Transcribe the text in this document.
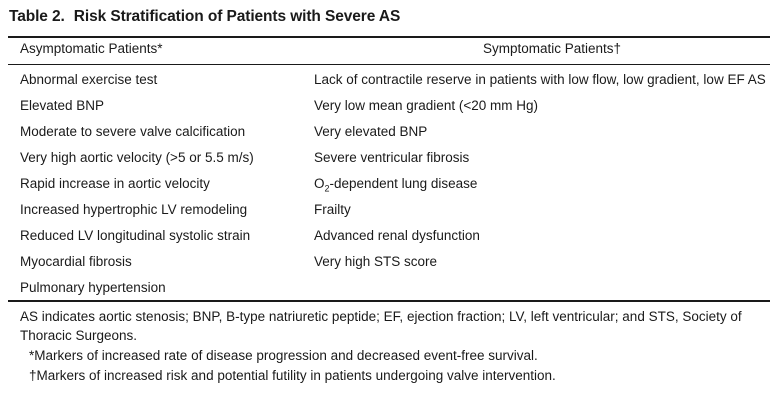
Table 2. Risk Stratification of Patients with Severe AS
Asymptomatic Patients*	Symptomatic Patients†
Abnormal exercise test	Lack of contractile reserve in patients with low flow, low gradient, low EF AS
Elevated BNP	Very low mean gradient (<20 mm Hg)
Moderate to severe valve calcification	Very elevated BNP
Very high aortic velocity (>5 or 5.5 m/s)	Severe ventricular fibrosis
Rapid increase in aortic velocity	$O_2$-dependent lung disease
Increased hypertrophic LV remodeling	Frailty
Reduced LV longitudinal systolic strain	Advanced renal dysfunction
Myocardial fibrosis	Very high STS score
Pulmonary hypertension

AS indicates aortic stenosis; BNP, B-type natriuretic peptide; EF, ejection fraction; LV, left ventricular; and STS, Society of Thoracic Surgeons.

*Markers of increased rate of disease progression and decreased event-free survival.

†Markers of increased risk and potential futility in patients undergoing valve intervention.
